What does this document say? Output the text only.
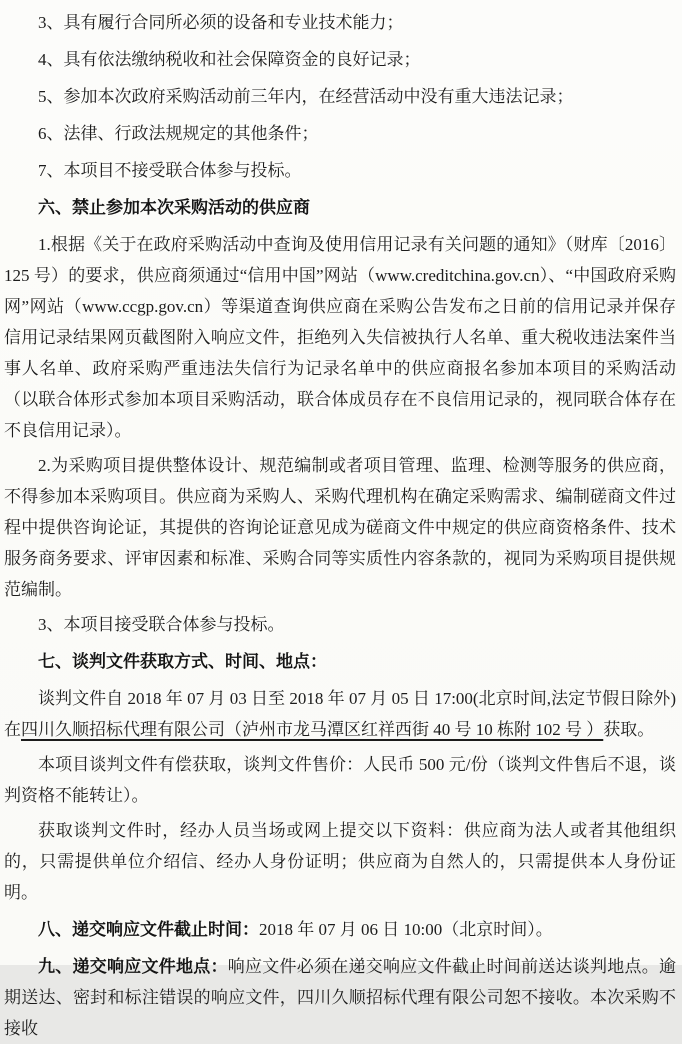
3、具有履行合同所必须的设备和专业技术能力；

4、具有依法缴纳税收和社会保障资金的良好记录；

5、参加本次政府采购活动前三年内，在经营活动中没有重大违法记录；

6、法律、行政法规规定的其他条件；

7、本项目不接受联合体参与投标。

六、禁止参加本次采购活动的供应商

1.根据《关于在政府采购活动中查询及使用信用记录有关问题的通知》（财库〔2016〕125 号）的要求，供应商须通过“信用中国”网站（www.creditchina.gov.cn）、“中国政府采购网”网站（www.ccgp.gov.cn）等渠道查询供应商在采购公告发布之日前的信用记录并保存信用记录结果网页截图附入响应文件，拒绝列入失信被执行人名单、重大税收违法案件当事人名单、政府采购严重违法失信行为记录名单中的供应商报名参加本项目的采购活动（以联合体形式参加本项目采购活动，联合体成员存在不良信用记录的，视同联合体存在不良信用记录）。

2.为采购项目提供整体设计、规范编制或者项目管理、监理、检测等服务的供应商，不得参加本采购项目。供应商为采购人、采购代理机构在确定采购需求、编制磋商文件过程中提供咨询论证，其提供的咨询论证意见成为磋商文件中规定的供应商资格条件、技术服务商务要求、评审因素和标准、采购合同等实质性内容条款的，视同为采购项目提供规范编制。

3、本项目接受联合体参与投标。

七、谈判文件获取方式、时间、地点：

谈判文件自 2018 年 07 月 03 日至 2018 年 07 月 05 日 17:00(北京时间,法定节假日除外)在四川久顺招标代理有限公司（泸州市龙马潭区红祥西街 40 号 10 栋附 102 号 ）获取。

本项目谈判文件有偿获取，谈判文件售价：人民币 500 元/份（谈判文件售后不退，谈判资格不能转让）。

获取谈判文件时，经办人员当场或网上提交以下资料：供应商为法人或者其他组织的，只需提供单位介绍信、经办人身份证明；供应商为自然人的，只需提供本人身份证明。

八、递交响应文件截止时间：2018 年 07 月 06 日 10:00（北京时间）。

九、递交响应文件地点：响应文件必须在递交响应文件截止时间前送达谈判地点。逾期送达、密封和标注错误的响应文件，四川久顺招标代理有限公司恕不接收。本次采购不接收
